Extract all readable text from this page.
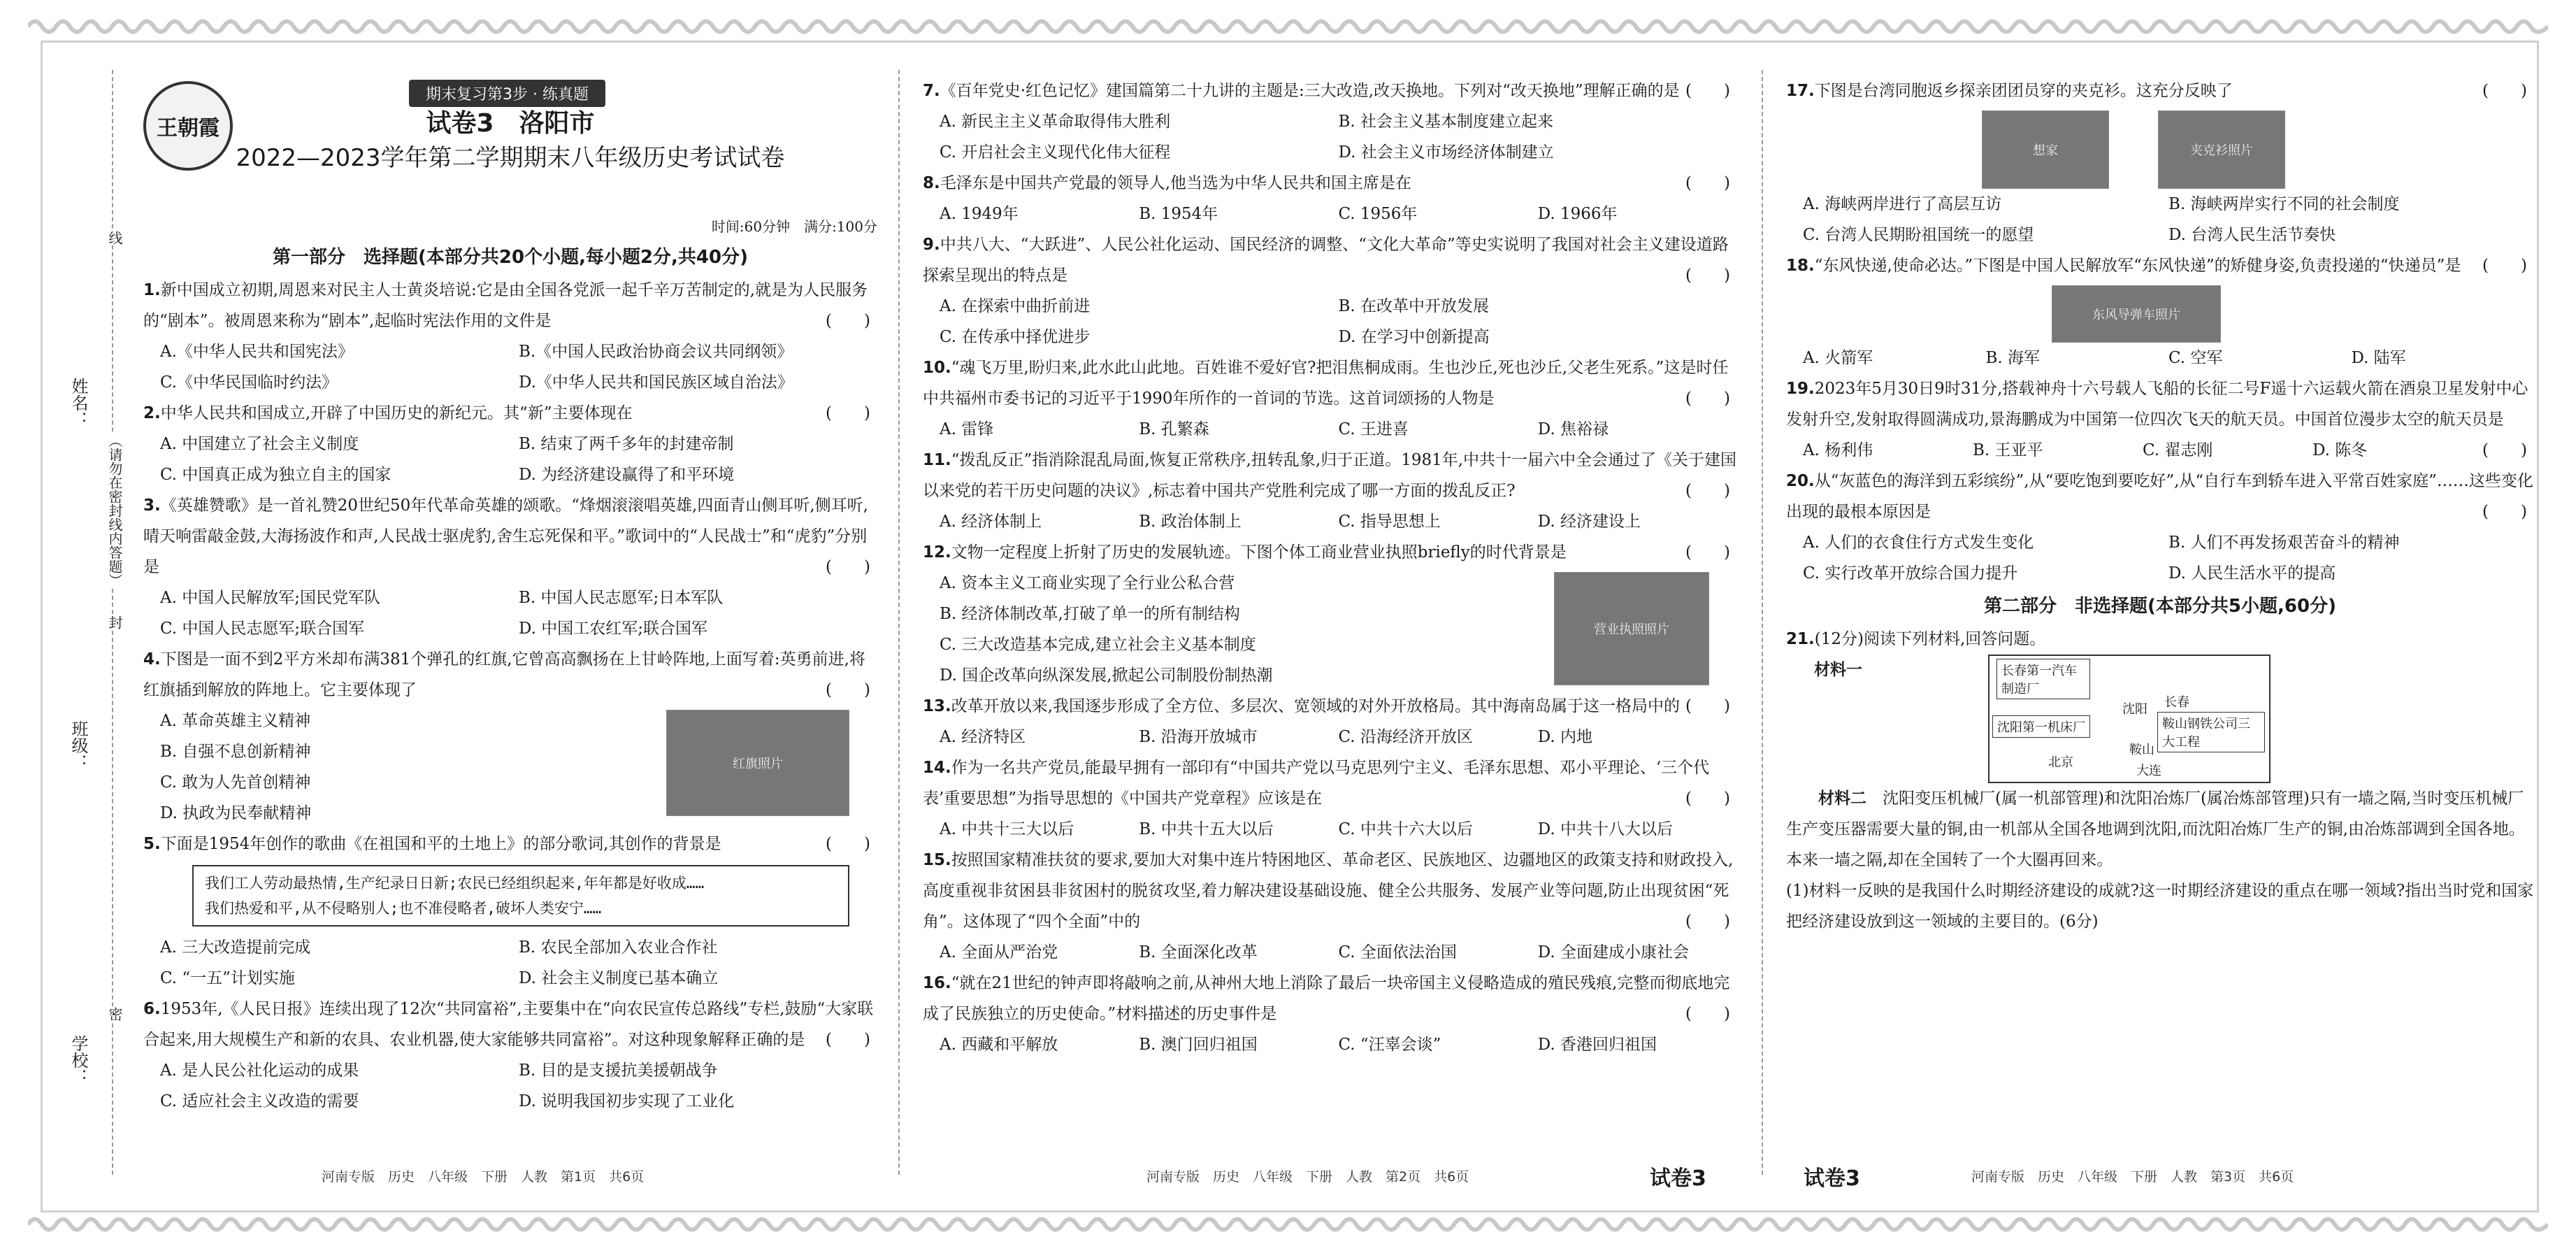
姓名：
班级：
学校：
线
（请勿在密封线内答题）
封
密
王朝霞
期末复习第3步 · 练真题
试卷3　洛阳市
2022—2023学年第二学期期末八年级历史考试试卷
时间:60分钟　满分:100分
第一部分　选择题(本部分共20个小题,每小题2分,共40分)

1.新中国成立初期,周恩来对民主人士黄炎培说:它是由全国各党派一起千辛万苦制定的,就是为人民服务的“剧本”。被周恩来称为“剧本”,起临时宪法作用的文件是	(　　)

A.《中华人民共和国宪法》	B.《中国人民政治协商会议共同纲领》
C.《中华民国临时约法》	D.《中华人民共和国民族区域自治法》

2.中华人民共和国成立,开辟了中国历史的新纪元。其“新”主要体现在	(　　)

A. 中国建立了社会主义制度	B. 结束了两千多年的封建帝制
C. 中国真正成为独立自主的国家	D. 为经济建设赢得了和平环境

3.《英雄赞歌》是一首礼赞20世纪50年代革命英雄的颂歌。“烽烟滚滚唱英雄,四面青山侧耳听,侧耳听,晴天响雷敲金鼓,大海扬波作和声,人民战士驱虎豹,舍生忘死保和平。”歌词中的“人民战士”和“虎豹”分别是	(　　)

A. 中国人民解放军;国民党军队	B. 中国人民志愿军;日本军队
C. 中国人民志愿军;联合国军	D. 中国工农红军;联合国军

4.下图是一面不到2平方米却布满381个弹孔的红旗,它曾高高飘扬在上甘岭阵地,上面写着:英勇前进,将红旗插到解放的阵地上。它主要体现了	(　　)

A. 革命英雄主义精神
B. 自强不息创新精神
C. 敢为人先首创精神
D. 执政为民奉献精神
红旗照片

5.下面是1954年创作的歌曲《在祖国和平的土地上》的部分歌词,其创作的背景是	(　　)

我们工人劳动最热情,生产纪录日日新;农民已经组织起来,年年都是好收成……
我们热爱和平,从不侵略别人;也不准侵略者,破坏人类安宁……
A. 三大改造提前完成	B. 农民全部加入农业合作社
C. “一五”计划实施	D. 社会主义制度已基本确立

6.1953年,《人民日报》连续出现了12次“共同富裕”,主要集中在“向农民宣传总路线”专栏,鼓励“大家联合起来,用大规模生产和新的农具、农业机器,使大家能够共同富裕”。对这种现象解释正确的是 (　　)

A. 是人民公社化运动的成果	B. 目的是支援抗美援朝战争
C. 适应社会主义改造的需要	D. 说明我国初步实现了工业化

7.《百年党史·红色记忆》建国篇第二十九讲的主题是:三大改造,改天换地。下列对“改天换地”理解正确的是 (　　)

A. 新民主主义革命取得伟大胜利	B. 社会主义基本制度建立起来
C. 开启社会主义现代化伟大征程	D. 社会主义市场经济体制建立

8.毛泽东是中国共产党最的领导人,他当选为中华人民共和国主席是在	(　　)

A. 1949年	B. 1954年	C. 1956年	D. 1966年

9.中共八大、“大跃进”、人民公社化运动、国民经济的调整、“文化大革命”等史实说明了我国对社会主义建设道路探索呈现出的特点是	(　　)

A. 在探索中曲折前进	B. 在改革中开放发展
C. 在传承中择优进步	D. 在学习中创新提高

10.“魂飞万里,盼归来,此水此山此地。百姓谁不爱好官?把泪焦桐成雨。生也沙丘,死也沙丘,父老生死系。”这是时任中共福州市委书记的习近平于1990年所作的一首词的节选。这首词颂扬的人物是	(　　)

A. 雷锋	B. 孔繁森	C. 王进喜	D. 焦裕禄

11.“拨乱反正”指消除混乱局面,恢复正常秩序,扭转乱象,归于正道。1981年,中共十一届六中全会通过了《关于建国以来党的若干历史问题的决议》,标志着中国共产党胜利完成了哪一方面的拨乱反正?	(　　)

A. 经济体制上	B. 政治体制上	C. 指导思想上	D. 经济建设上

12.文物一定程度上折射了历史的发展轨迹。下图个体工商业营业执照briefly的时代背景是	(　　)

A. 资本主义工商业实现了全行业公私合营
B. 经济体制改革,打破了单一的所有制结构
C. 三大改造基本完成,建立社会主义基本制度
D. 国企改革向纵深发展,掀起公司制股份制热潮
营业执照照片

13.改革开放以来,我国逐步形成了全方位、多层次、宽领域的对外开放格局。其中海南岛属于这一格局中的 (　　)

A. 经济特区	B. 沿海开放城市	C. 沿海经济开放区	D. 内地

14.作为一名共产党员,能最早拥有一部印有“中国共产党以马克思列宁主义、毛泽东思想、邓小平理论、‘三个代表’重要思想”为指导思想的《中国共产党章程》应该是在	(　　)

A. 中共十三大以后	B. 中共十五大以后	C. 中共十六大以后	D. 中共十八大以后

15.按照国家精准扶贫的要求,要加大对集中连片特困地区、革命老区、民族地区、边疆地区的政策支持和财政投入,高度重视非贫困县非贫困村的脱贫攻坚,着力解决建设基础设施、健全公共服务、发展产业等问题,防止出现贫困“死角”。这体现了“四个全面”中的	(　　)

A. 全面从严治党	B. 全面深化改革	C. 全面依法治国	D. 全面建成小康社会

16.“就在21世纪的钟声即将敲响之前,从神州大地上消除了最后一块帝国主义侵略造成的殖民残痕,完整而彻底地完成了民族独立的历史使命。”材料描述的历史事件是	(　　)

A. 西藏和平解放	B. 澳门回归祖国	C. “汪辜会谈”	D. 香港回归祖国

17.下图是台湾同胞返乡探亲团团员穿的夹克衫。这充分反映了	(　　)

想家	夹克衫照片
A. 海峡两岸进行了高层互访	B. 海峡两岸实行不同的社会制度
C. 台湾人民期盼祖国统一的愿望	D. 台湾人民生活节奏快

18.“东风快递,使命必达。”下图是中国人民解放军“东风快递”的矫健身姿,负责投递的“快递员”是 (　　)

东风导弹车照片
A. 火箭军	B. 海军	C. 空军	D. 陆军

19.2023年5月30日9时31分,搭载神舟十六号载人飞船的长征二号F遥十六运载火箭在酒泉卫星发射中心发射升空,发射取得圆满成功,景海鹏成为中国第一位四次飞天的航天员。中国首位漫步太空的航天员是
(　　)

A. 杨利伟	B. 王亚平	C. 翟志刚	D. 陈冬

20.从“灰蓝色的海洋到五彩缤纷”,从“要吃饱到要吃好”,从“自行车到轿车进入平常百姓家庭”……这些变化出现的最根本原因是	(　　)

A. 人们的衣食住行方式发生变化	B. 人们不再发扬艰苦奋斗的精神
C. 实行改革开放综合国力提升	D. 人民生活水平的提高
第二部分　非选择题(本部分共5小题,60分)

21.(12分)阅读下列材料,回答问题。

材料一	长春第一汽车制造厂
沈阳第一机床厂	鞍山钢铁公司三大工程
沈阳 长春
北京
鞍山
大连

材料二　 沈阳变压机械厂(属一机部管理)和沈阳冶炼厂(属冶炼部管理)只有一墙之隔,当时变压机械厂生产变压器需要大量的铜,由一机部从全国各地调到沈阳,而沈阳冶炼厂生产的铜,由冶炼部调到全国各地。本来一墙之隔,却在全国转了一个大圈再回来。

(1)材料一反映的是我国什么时期经济建设的成就?这一时期经济建设的重点在哪一领域?指出当时党和国家把经济建设放到这一领域的主要目的。(6分)

河南专版　历史　八年级　下册　人教　第1页　共6页	河南专版　历史　八年级　下册　人教　第2页　共6页	试卷3	试卷3	河南专版　历史　八年级　下册　人教　第3页　共6页
